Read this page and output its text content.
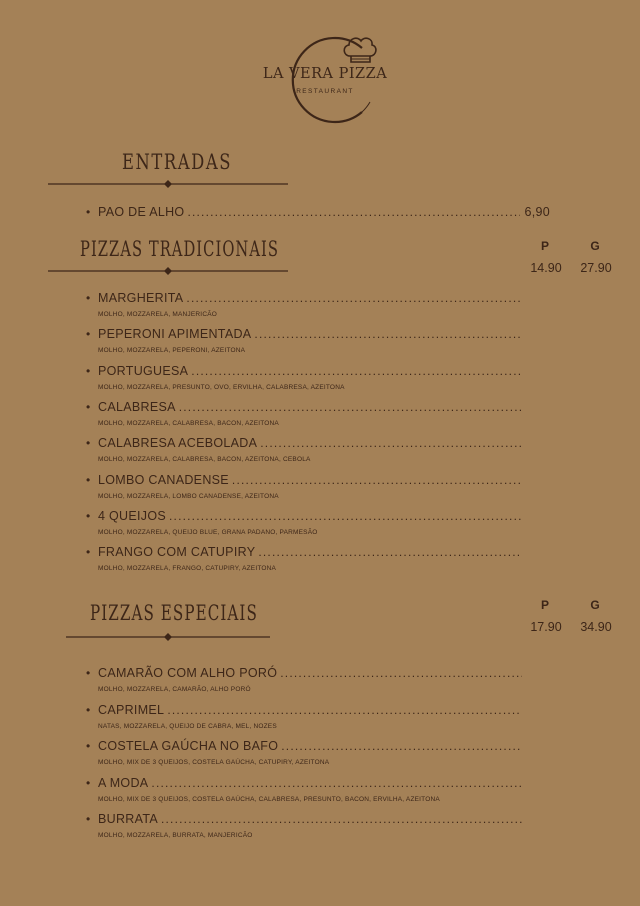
LA VERA PIZZA
RESTAURANT
ENTRADAS
• PAO DE ALHO
.....	6,90
PIZZAS TRADICIONAIS	P	G
14.90	27.90
• MARGHERITA
.....
MOLHO, MOZZARELA, MANJERICÃO
• PEPERONI APIMENTADA
.....
MOLHO, MOZZARELA, PEPERONI, AZEITONA
• PORTUGUESA
.....
MOLHO, MOZZARELA, PRESUNTO, OVO, ERVILHA, CALABRESA, AZEITONA
• CALABRESA
.....
MOLHO, MOZZARELA, CALABRESA, BACON, AZEITONA
• CALABRESA ACEBOLADA
.....
MOLHO, MOZZARELA, CALABRESA, BACON, AZEITONA, CEBOLA
• LOMBO CANADENSE
.....
MOLHO, MOZZARELA, LOMBO CANADENSE, AZEITONA
• 4 QUEIJOS
.....
MOLHO, MOZZARELA, QUEIJO BLUE, GRANA PADANO, PARMESÃO
• FRANGO COM CATUPIRY
.....
MOLHO, MOZZARELA, FRANGO, CATUPIRY, AZEITONA
PIZZAS ESPECIAIS	P	G
17.90	34.90
• CAMARÃO COM ALHO PORÓ
.....
MOLHO, MOZZARELA, CAMARÃO, ALHO PORÓ
• CAPRIMEL
.....
NATAS, MOZZARELA, QUEIJO DE CABRA, MEL, NOZES
• COSTELA GAÚCHA NO BAFO
.....
MOLHO, MIX DE 3 QUEIJOS, COSTELA GAÚCHA, CATUPIRY, AZEITONA
• A MODA
.....
MOLHO, MIX DE 3 QUEIJOS, COSTELA GAÚCHA, CALABRESA, PRESUNTO, BACON, ERVILHA, AZEITONA
• BURRATA
.....
MOLHO, MOZZARELA, BURRATA, MANJERICÃO
